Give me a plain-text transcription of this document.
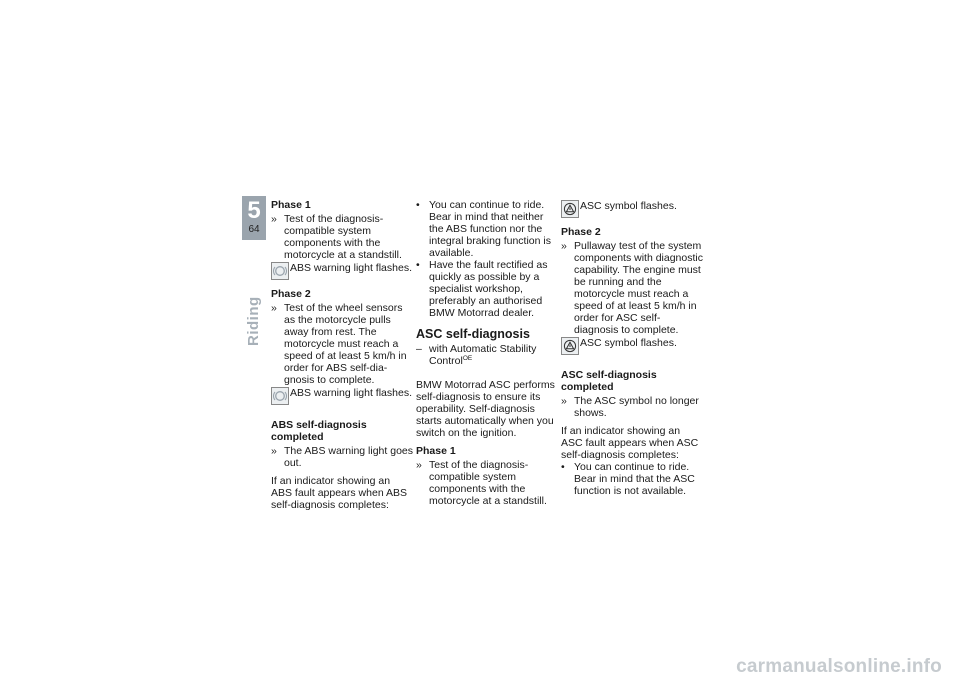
5
64
Riding
Phase 1
» Test of the diagnosis-compatible system components with the motorcycle at a standstill.
ABS warning light flashes.
Phase 2
» Test of the wheel sensors as the motorcycle pulls away from rest. The motorcycle must reach a speed of at least 5 km/h in order for ABS self-diagnosis to complete.
ABS warning light flashes.
ABS self-diagnosis completed
» The ABS warning light goes out.

If an indicator showing an ABS fault appears when ABS self-diagnosis completes:

• You can continue to ride. Bear in mind that neither the ABS function nor the integral braking function is available.
• Have the fault rectified as quickly as possible by a specialist workshop, preferably an authorised BMW Motorrad dealer.
ASC self-diagnosis
– with Automatic Stability Control$^{OE}$

BMW Motorrad ASC performs self-diagnosis to ensure its operability. Self-diagnosis starts automatically when you switch on the ignition.

Phase 1
» Test of the diagnosis-compatible system components with the motorcycle at a standstill.
ASC symbol flashes.
Phase 2
» Pullaway test of the system components with diagnostic capability. The engine must be running and the motorcycle must reach a speed of at least 5 km/h in order for ASC self-diagnosis to complete.
ASC symbol flashes.
ASC self-diagnosis completed
» The ASC symbol no longer shows.

If an indicator showing an ASC fault appears when ASC self-diagnosis completes:

• You can continue to ride. Bear in mind that the ASC function is not available.
carmanualsonline.info
